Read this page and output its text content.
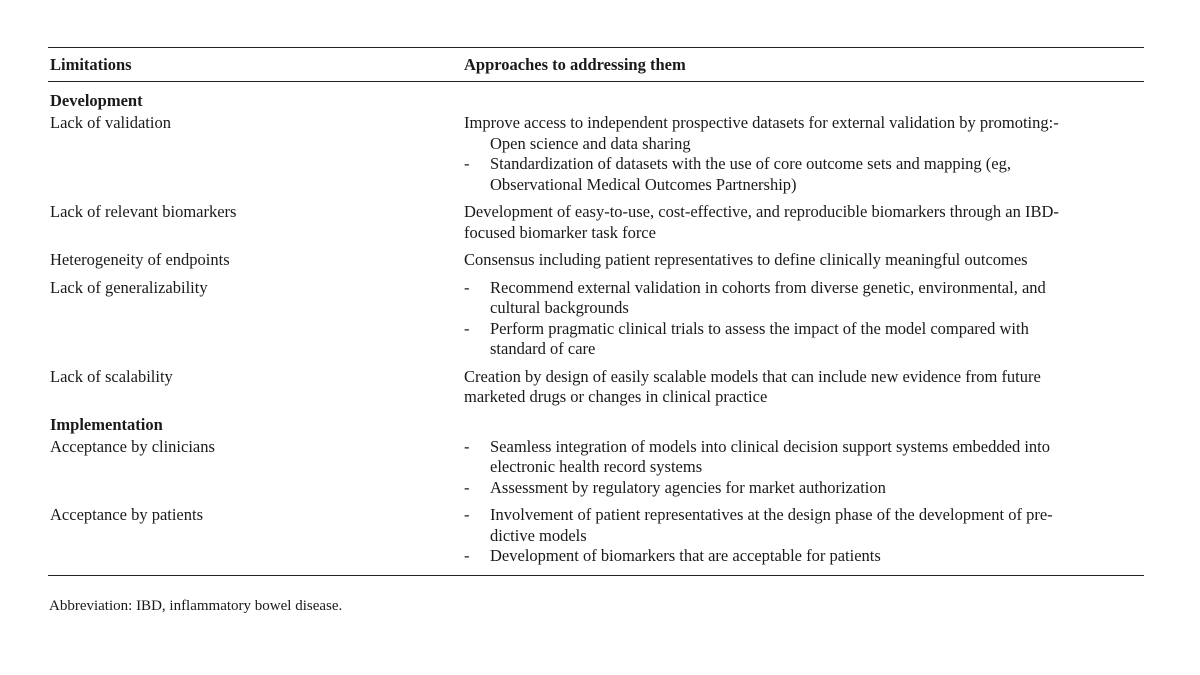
Limitations	Approaches to addressing them
Development
Lack of validation	Improve access to independent prospective datasets for external validation by promoting:-
Open science and data sharing
-	Standardization of datasets with the use of core outcome sets and mapping (eg,
Observational Medical Outcomes Partnership)
Lack of relevant biomarkers	Development of easy-to-use, cost-effective, and reproducible biomarkers through an IBD-
focused biomarker task force
Heterogeneity of endpoints	Consensus including patient representatives to define clinically meaningful outcomes
Lack of generalizability	-	Recommend external validation in cohorts from diverse genetic, environmental, and
cultural backgrounds
-	Perform pragmatic clinical trials to assess the impact of the model compared with
standard of care
Lack of scalability	Creation by design of easily scalable models that can include new evidence from future
marketed drugs or changes in clinical practice
Implementation
Acceptance by clinicians	-	Seamless integration of models into clinical decision support systems embedded into
electronic health record systems
-	Assessment by regulatory agencies for market authorization
Acceptance by patients	-	Involvement of patient representatives at the design phase of the development of pre-
dictive models
-	Development of biomarkers that are acceptable for patients
Abbreviation: IBD, inflammatory bowel disease.
